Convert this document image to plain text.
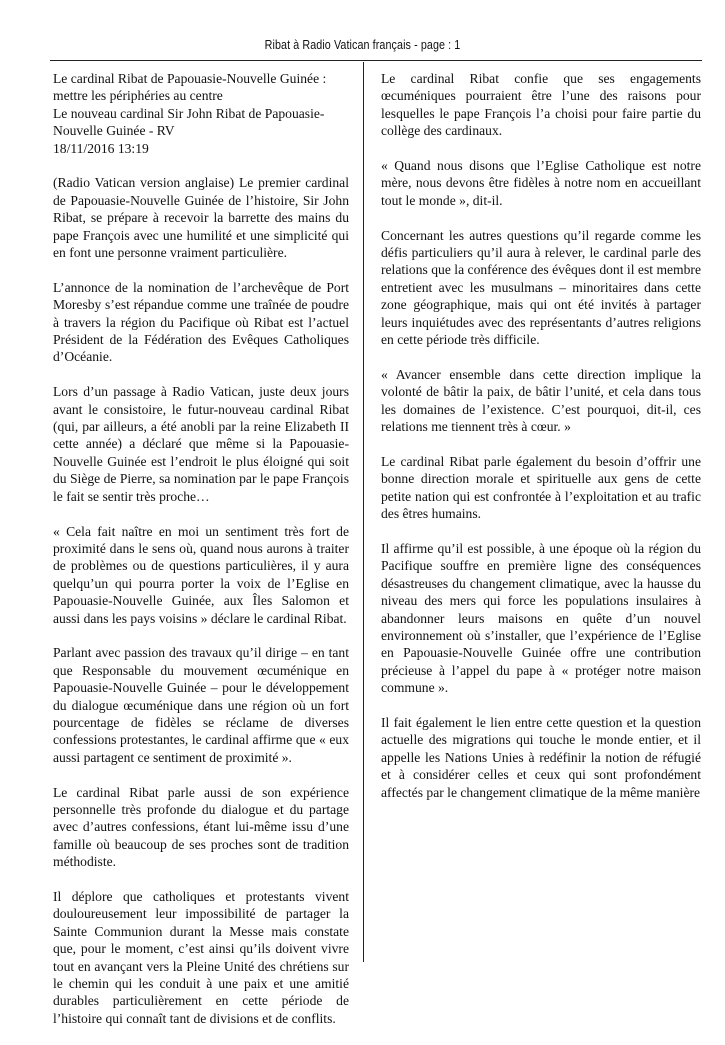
Ribat à Radio Vatican français - page : 1

Le cardinal Ribat de Papouasie-Nouvelle Guinée : mettre les périphéries au centre

Le nouveau cardinal Sir John Ribat de Papouasie-Nouvelle Guinée - RV

18/11/2016 13:19

(Radio Vatican version anglaise) Le premier cardinal de Papouasie-Nouvelle Guinée de l’histoire, Sir John Ribat, se prépare à recevoir la barrette des mains du pape François avec une humilité et une simplicité qui en font une personne vraiment particulière.

L’annonce de la nomination de l’archevêque de Port Moresby s’est répandue comme une traînée de poudre à travers la région du Pacifique où Ribat est l’actuel Président de la Fédération des Evêques Catholiques d’Océanie.

Lors d’un passage à Radio Vatican, juste deux jours avant le consistoire, le futur-nouveau cardinal Ribat (qui, par ailleurs, a été anobli par la reine Elizabeth II cette année) a déclaré que même si la Papouasie-Nouvelle Guinée est l’endroit le plus éloigné qui soit du Siège de Pierre, sa nomination par le pape François le fait se sentir très proche…

« Cela fait naître en moi un sentiment très fort de proximité dans le sens où, quand nous aurons à traiter de problèmes ou de questions particulières, il y aura quelqu’un qui pourra porter la voix de l’Eglise en Papouasie-Nouvelle Guinée, aux Îles Salomon et aussi dans les pays voisins » déclare le cardinal Ribat.

Parlant avec passion des travaux qu’il dirige – en tant que Responsable du mouvement œcuménique en Papouasie-Nouvelle Guinée – pour le développement du dialogue œcuménique dans une région où un fort pourcentage de fidèles se réclame de diverses confessions protestantes, le cardinal affirme que « eux aussi partagent ce sentiment de proximité ».

Le cardinal Ribat parle aussi de son expérience personnelle très profonde du dialogue et du partage avec d’autres confessions, étant lui-même issu d’une famille où beaucoup de ses proches sont de tradition méthodiste.

Il déplore que catholiques et protestants vivent douloureusement leur impossibilité de partager la Sainte Communion durant la Messe mais constate que, pour le moment, c’est ainsi qu’ils doivent vivre tout en avançant vers la Pleine Unité des chrétiens sur le chemin qui les conduit à une paix et une amitié durables particulièrement en cette période de l’histoire qui connaît tant de divisions et de conflits.

Le cardinal Ribat confie que ses engagements œcuméniques pourraient être l’une des raisons pour lesquelles le pape François l’a choisi pour faire partie du collège des cardinaux.

« Quand nous disons que l’Eglise Catholique est notre mère, nous devons être fidèles à notre nom en accueillant tout le monde », dit-il.

Concernant les autres questions qu’il regarde comme les défis particuliers qu’il aura à relever, le cardinal parle des relations que la conférence des évêques dont il est membre entretient avec les musulmans – minoritaires dans cette zone géographique, mais qui ont été invités à partager leurs inquiétudes avec des représentants d’autres religions en cette période très difficile.

« Avancer ensemble dans cette direction implique la volonté de bâtir la paix, de bâtir l’unité, et cela dans tous les domaines de l’existence. C’est pourquoi, dit-il, ces relations me tiennent très à cœur. »

Le cardinal Ribat parle également du besoin d’offrir une bonne direction morale et spirituelle aux gens de cette petite nation qui est confrontée à l’exploitation et au trafic des êtres humains.

Il affirme qu’il est possible, à une époque où la région du Pacifique souffre en première ligne des conséquences désastreuses du changement climatique, avec la hausse du niveau des mers qui force les populations insulaires à abandonner leurs maisons en quête d’un nouvel environnement où s’installer, que l’expérience de l’Eglise en Papouasie-Nouvelle Guinée offre une contribution précieuse à l’appel du pape à « protéger notre maison commune ».

Il fait également le lien entre cette question et la question actuelle des migrations qui touche le monde entier, et il appelle les Nations Unies à redéfinir la notion de réfugié et à considérer celles et ceux qui sont profondément affectés par le changement climatique de la même manière
